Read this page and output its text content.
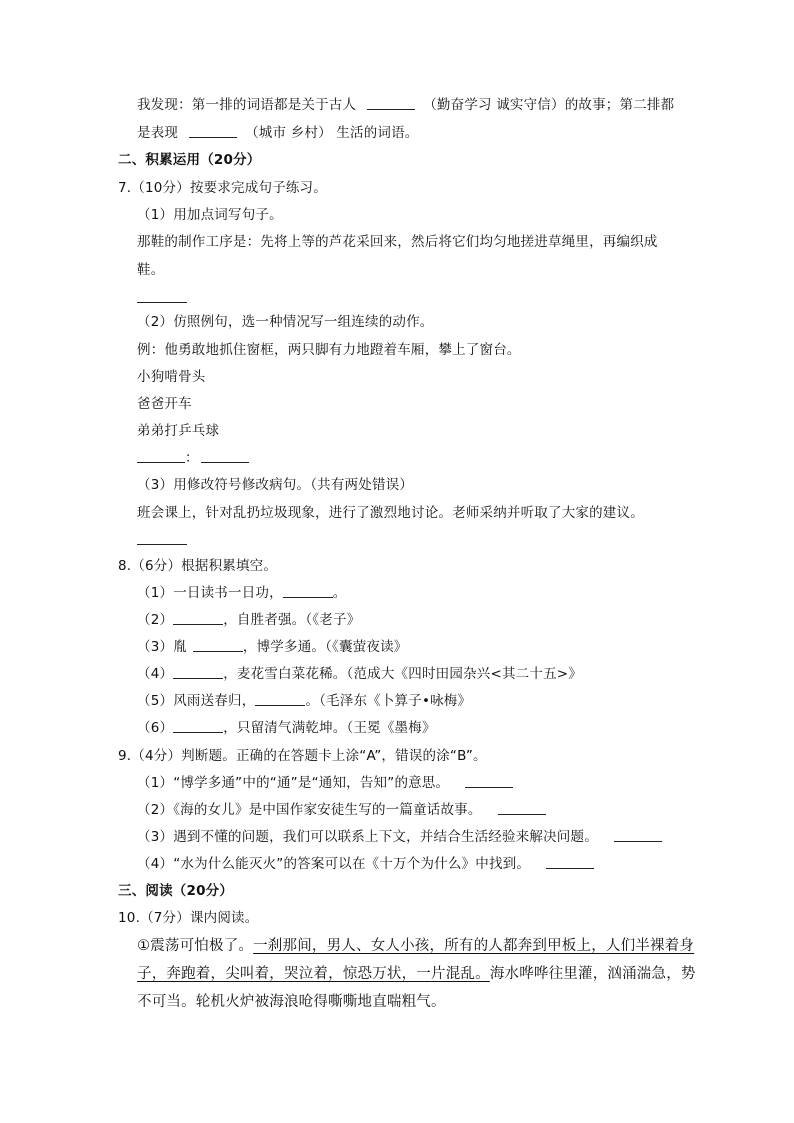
我发现：第一排的词语都是关于古人	（勤奋学习 诚实守信）的故事；第二排都
是表现	（城市 乡村） 生活的词语。
二、积累运用（20分）
7.（10分）按要求完成句子练习。
（1）用加点词写句子。
那鞋的制作工序是：先将上等的芦花采回来，然后将它们均匀地搓进草绳里，再编织成
鞋。
（2）仿照例句，选一种情况写一组连续的动作。
例：他勇敢地抓住窗框，两只脚有力地蹬着车厢，攀上了窗台。
小狗啃骨头
爸爸开车
弟弟打乒乓球
：
（3）用修改符号修改病句。（共有两处错误）
班会课上，针对乱扔垃圾现象，进行了激烈地讨论。老师采纳并听取了大家的建议。
8.（6分）根据积累填空。
（1）一日读书一日功，	。
（2）	，自胜者强。（《老子》
（3）胤	，博学多通。（《囊萤夜读》
（4）	，麦花雪白菜花稀。（范成大《四时田园杂兴<其二十五>》
（5）风雨送春归，	。（毛泽东《卜算子•咏梅》
（6）	，只留清气满乾坤。（王冕《墨梅》
9.（4分）判断题。正确的在答题卡上涂“A”，错误的涂“B”。
（1）“博学多通”中的“通”是“通知，告知”的意思。
（2）《海的女儿》是中国作家安徒生写的一篇童话故事。
（3）遇到不懂的问题，我们可以联系上下文，并结合生活经验来解决问题。
（4）“水为什么能灭火”的答案可以在《十万个为什么》中找到。
三、阅读（20分）
10.（7分）课内阅读。
①震荡可怕极了。一刹那间，男人、女人小孩，所有的人都奔到甲板上，人们半裸着身
子，奔跑着，尖叫着，哭泣着，惊恐万状，一片混乱。海水哗哗往里灌，汹涌湍急，势
不可当。轮机火炉被海浪呛得嘶嘶地直喘粗气。
